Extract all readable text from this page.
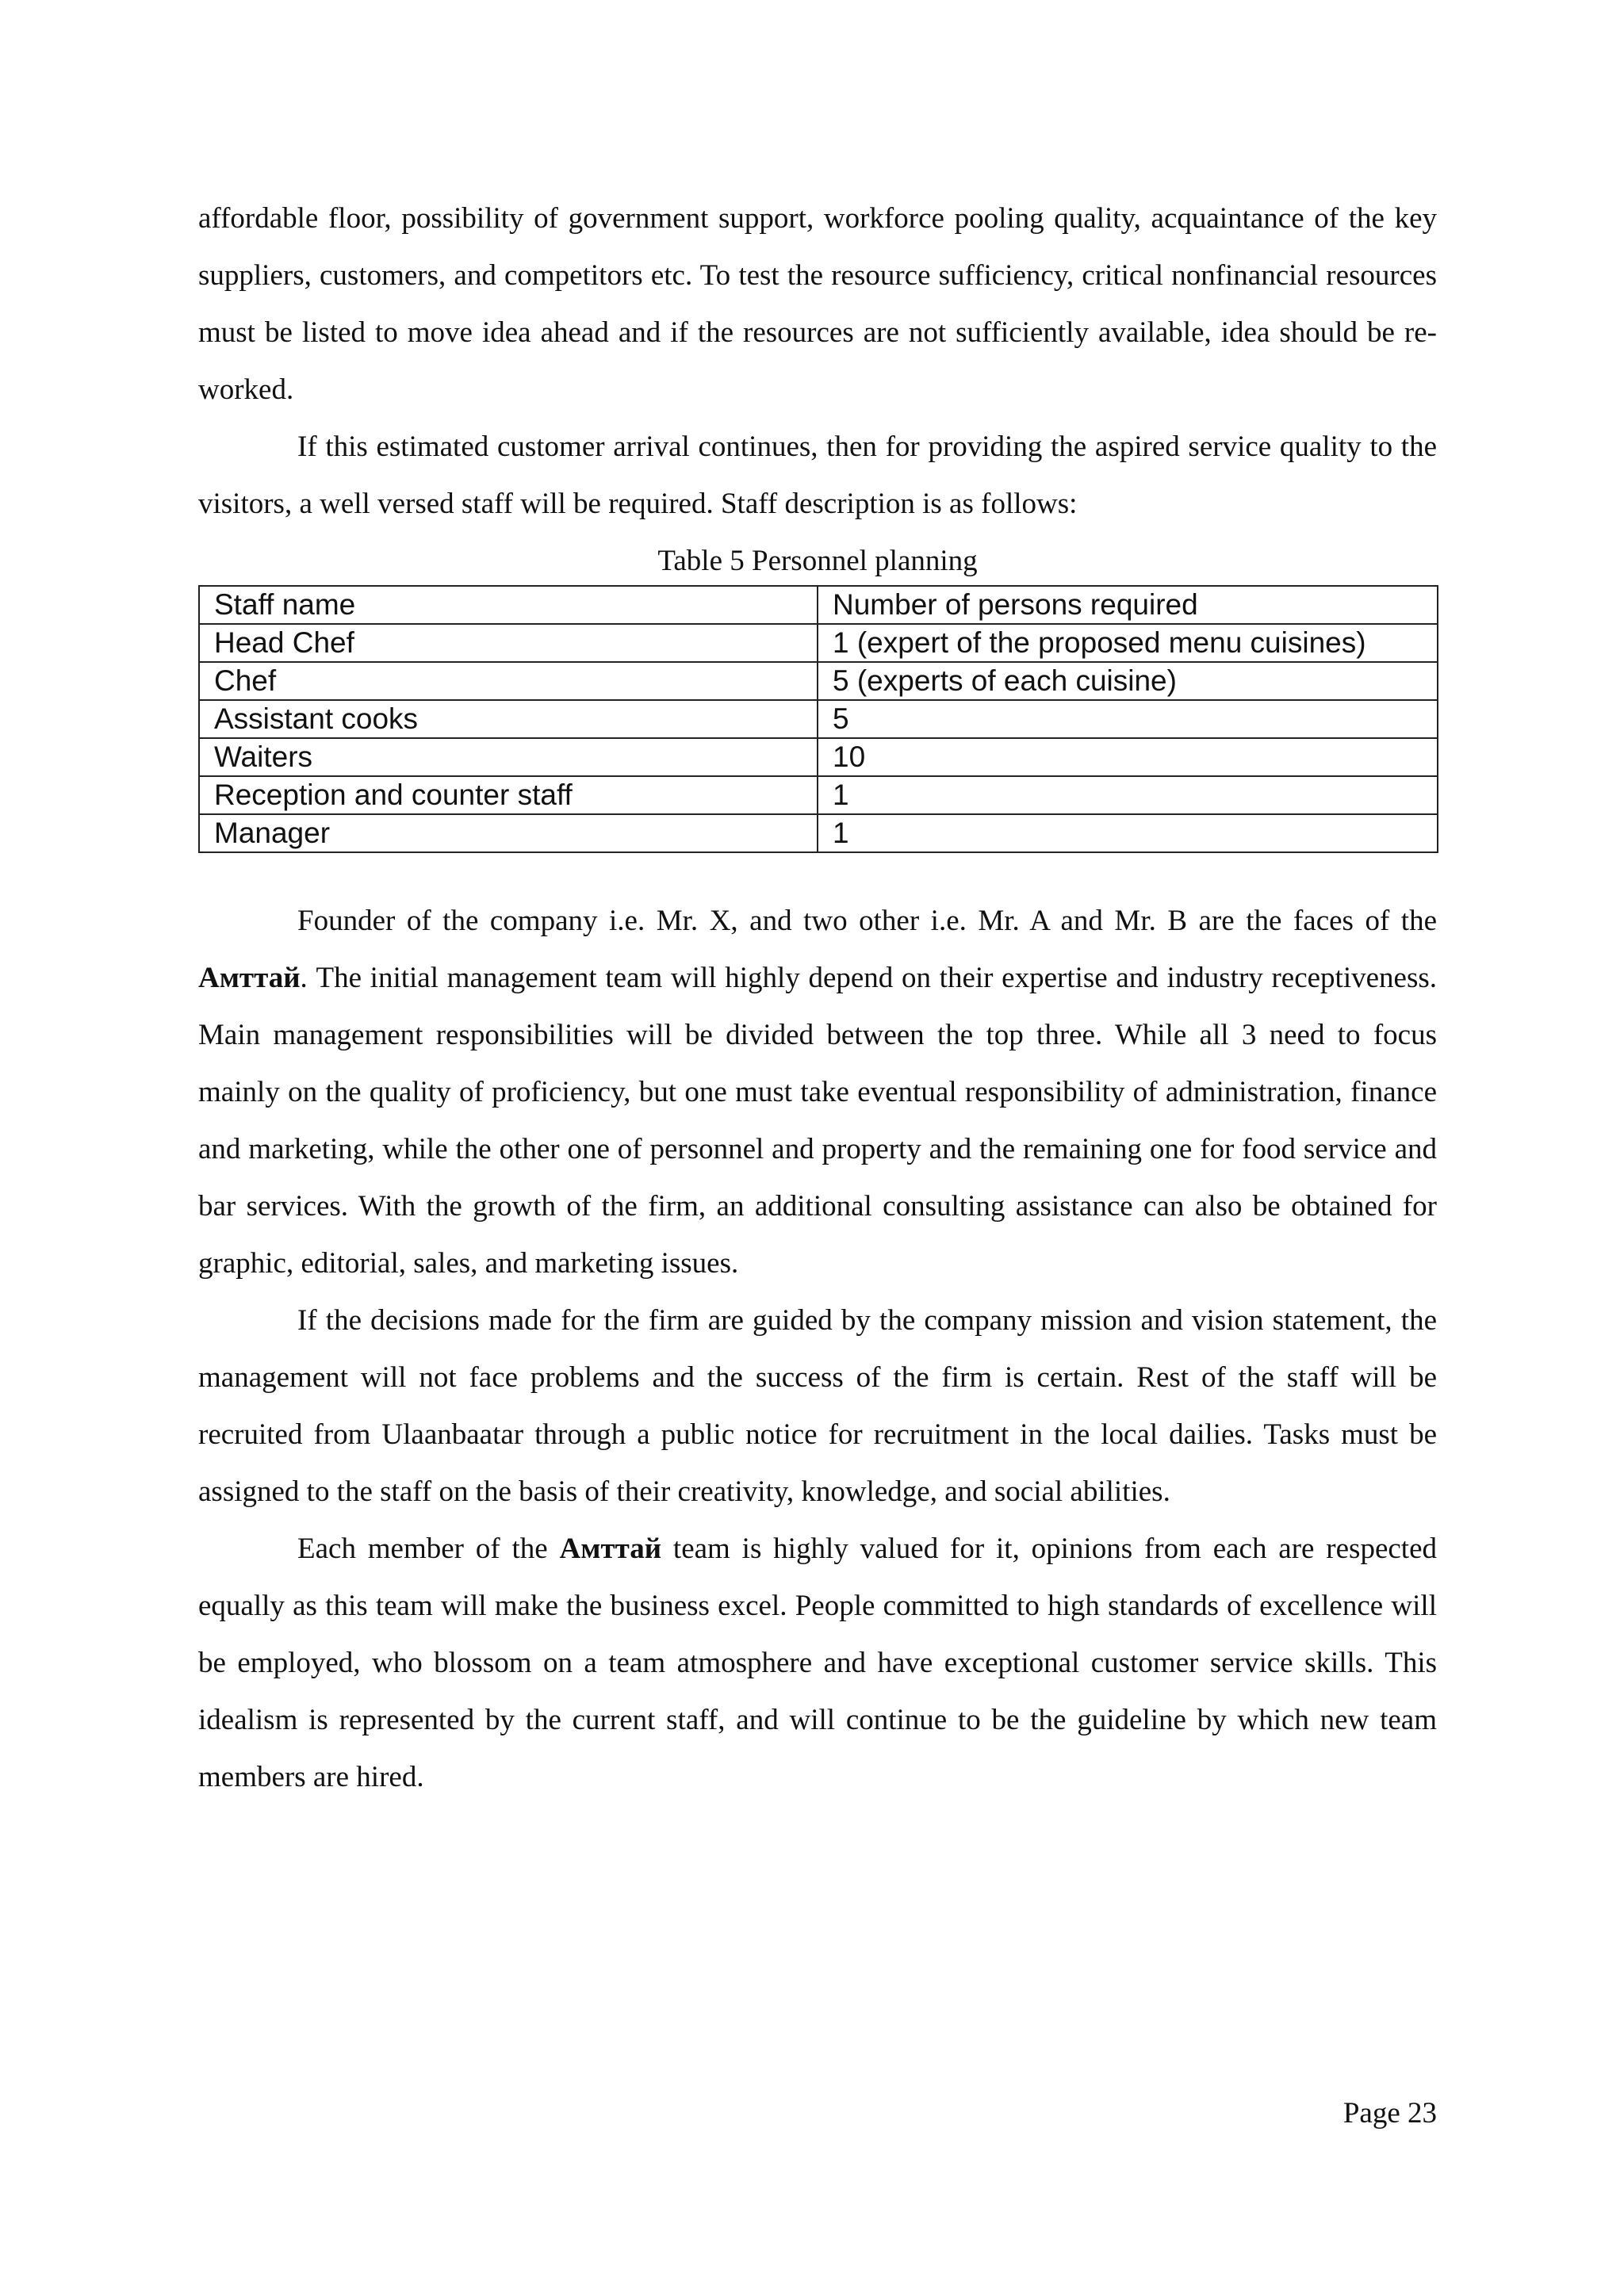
affordable floor, possibility of government support, workforce pooling quality, acquaintance of the key suppliers, customers, and competitors etc. To test the resource sufficiency, critical nonfinancial resources must be listed to move idea ahead and if the resources are not sufficiently available, idea should be re-worked.

If this estimated customer arrival continues, then for providing the aspired service quality to the visitors, a well versed staff will be required. Staff description is as follows:

Table 5 Personnel planning

Staff name	Number of persons required
Head Chef	1 (expert of the proposed menu cuisines)
Chef	5 (experts of each cuisine)
Assistant cooks	5
Waiters	10
Reception and counter staff	1
Manager	1

Founder of the company i.e. Mr. X, and two other i.e. Mr. A and Mr. B are the faces of the Амттай. The initial management team will highly depend on their expertise and industry receptiveness. Main management responsibilities will be divided between the top three. While all 3 need to focus mainly on the quality of proficiency, but one must take eventual responsibility of administration, finance and marketing, while the other one of personnel and property and the remaining one for food service and bar services. With the growth of the firm, an additional consulting assistance can also be obtained for graphic, editorial, sales, and marketing issues.

If the decisions made for the firm are guided by the company mission and vision statement, the management will not face problems and the success of the firm is certain. Rest of the staff will be recruited from Ulaanbaatar through a public notice for recruitment in the local dailies. Tasks must be assigned to the staff on the basis of their creativity, knowledge, and social abilities.

Each member of the Амттай team is highly valued for it, opinions from each are respected equally as this team will make the business excel. People committed to high standards of excellence will be employed, who blossom on a team atmosphere and have exceptional customer service skills. This idealism is represented by the current staff, and will continue to be the guideline by which new team members are hired.

Page 23
